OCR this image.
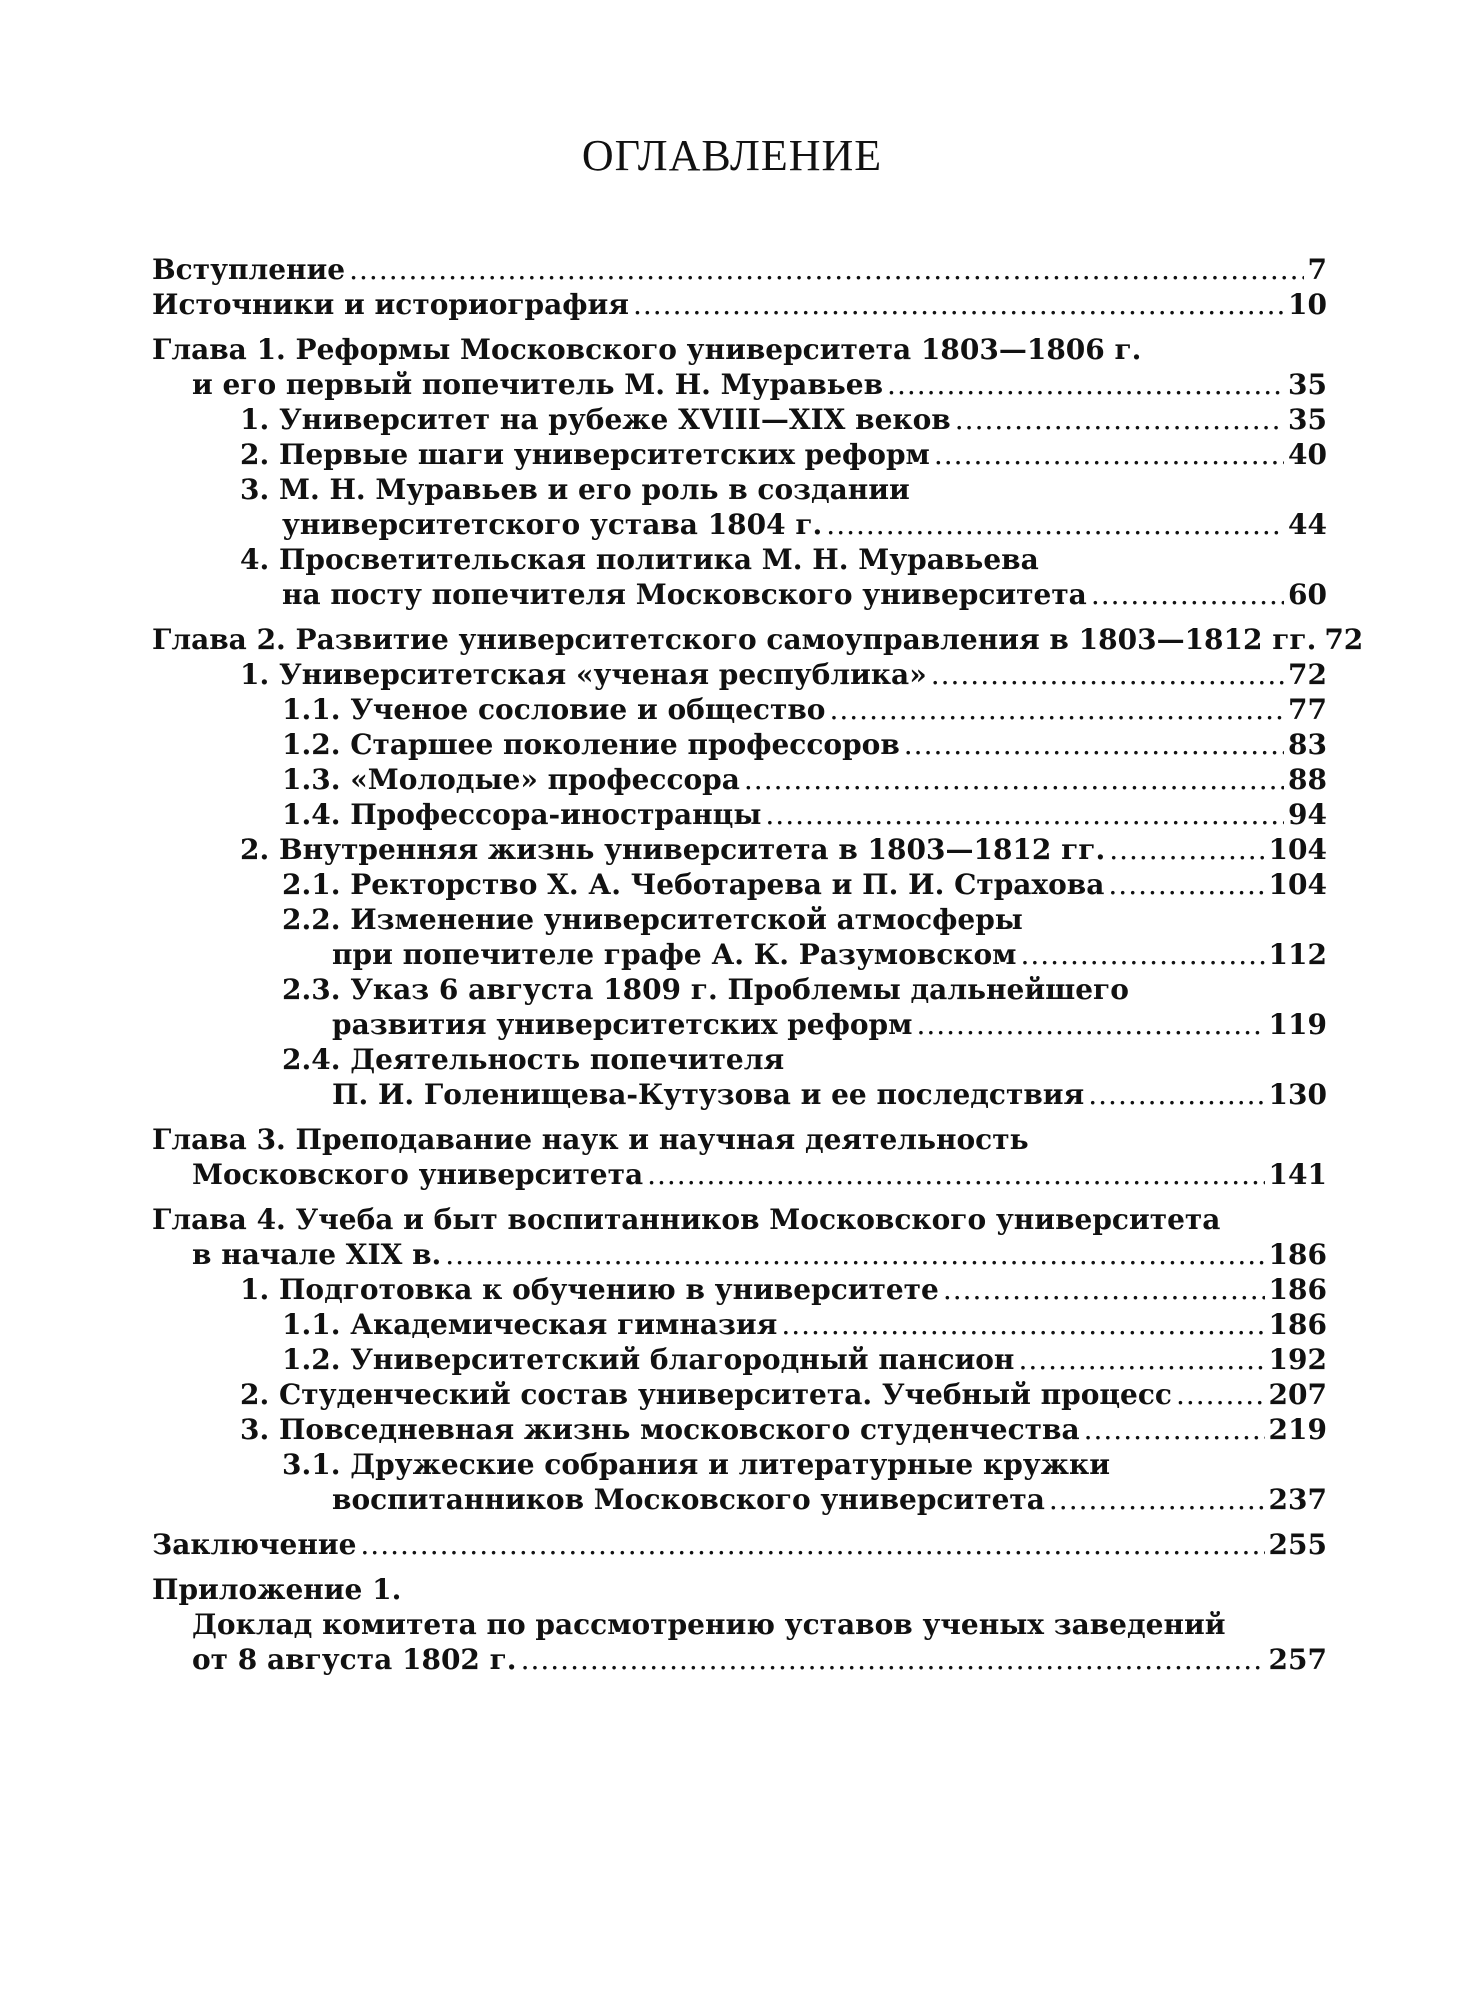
ОГЛАВЛЕНИЕ
Вступление .....	7
Источники и историография .....	10
Глава 1. Реформы Московского университета 1803—1806 г.
и его первый попечитель М. Н. Муравьев .....	35
1. Университет на рубеже XVIII—XIX веков .....	35
2. Первые шаги университетских реформ .....	40
3. М. Н. Муравьев и его роль в создании
университетского устава 1804 г. .....	44
4. Просветительская политика М. Н. Муравьева
на посту попечителя Московского университета .....	60
Глава 2. Развитие университетского самоуправления в 1803—1812 гг. 72
1. Университетская «ученая республика» .....	72
1.1. Ученое сословие и общество .....	77
1.2. Старшее поколение профессоров .....	83
1.3. «Молодые» профессора .....	88
1.4. Профессора-иностранцы .....	94
2. Внутренняя жизнь университета в 1803—1812 гг. .....	104
2.1. Ректорство Х. А. Чеботарева и П. И. Страхова .....	104
2.2. Изменение университетской атмосферы
при попечителе графе А. К. Разумовском .....	112
2.3. Указ 6 августа 1809 г. Проблемы дальнейшего
развития университетских реформ .....	119
2.4. Деятельность попечителя
П. И. Голенищева-Кутузова и ее последствия .....	130
Глава 3. Преподавание наук и научная деятельность
Московского университета .....	141
Глава 4. Учеба и быт воспитанников Московского университета
в начале XIX в. .....	186
1. Подготовка к обучению в университете .....	186
1.1. Академическая гимназия .....	186
1.2. Университетский благородный пансион .....	192
2. Студенческий состав университета. Учебный процесс .....	207
3. Повседневная жизнь московского студенчества .....	219
3.1. Дружеские собрания и литературные кружки
воспитанников Московского университета .....	237
Заключение .....	255
Приложение 1.
Доклад комитета по рассмотрению уставов ученых заведений
от 8 августа 1802 г. .....	257
